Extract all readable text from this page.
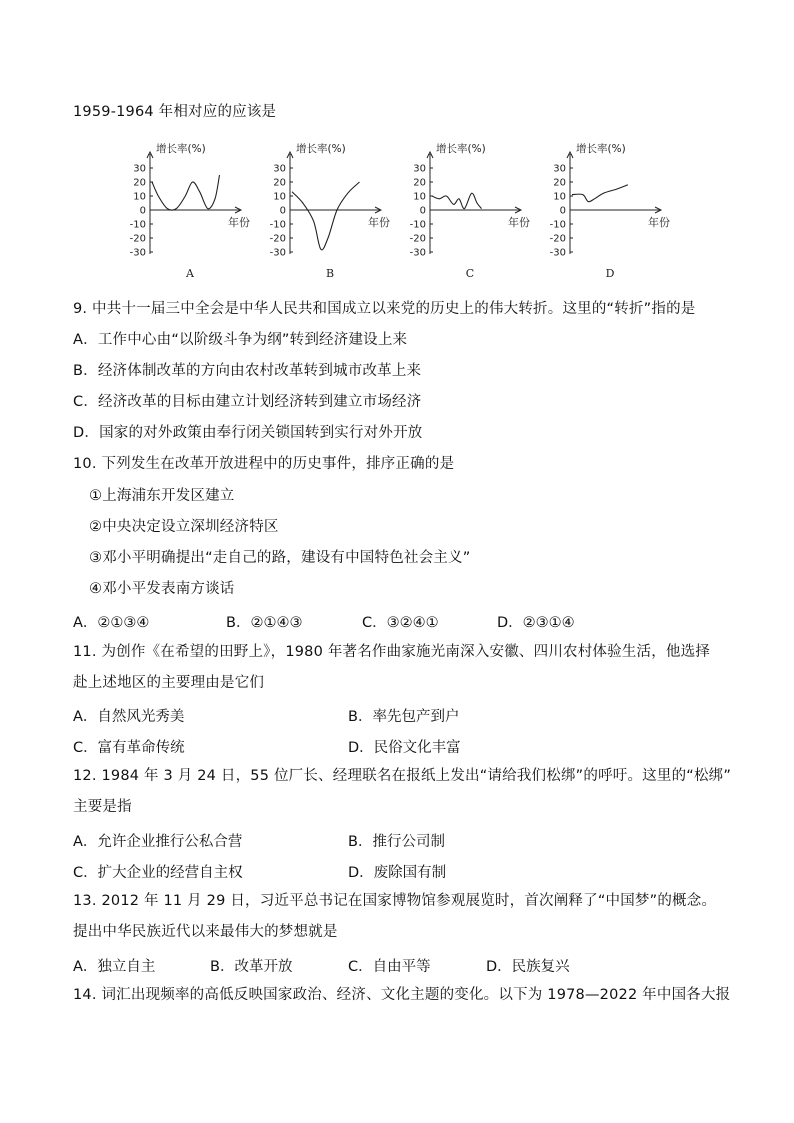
1959-1964 年相对应的应该是
增长率(%)
30
20
10
0
-10
-20
-30
年份
A
增长率(%)
30
20
10
0
-10
-20
-30
年份
B
增长率(%)
30
20
10
0
-10
-20
-30
年份
C
增长率(%)
30
20
10
0
-10
-20
-30
年份
D
9. 中共十一届三中全会是中华人民共和国成立以来党的历史上的伟大转折。这里的“转折”指的是
A．工作中心由“以阶级斗争为纲”转到经济建设上来
B．经济体制改革的方向由农村改革转到城市改革上来
C．经济改革的目标由建立计划经济转到建立市场经济
D．国家的对外政策由奉行闭关锁国转到实行对外开放
10. 下列发生在改革开放进程中的历史事件，排序正确的是
①上海浦东开发区建立
②中央决定设立深圳经济特区
③邓小平明确提出“走自己的路，建设有中国特色社会主义”
④邓小平发表南方谈话
A．②①③④	B．②①④③	C．③②④①	D．②③①④
11. 为创作《在希望的田野上》，1980 年著名作曲家施光南深入安徽、四川农村体验生活，他选择
赴上述地区的主要理由是它们
A．自然风光秀美	B．率先包产到户
C．富有革命传统	D．民俗文化丰富
12. 1984 年 3 月 24 日，55 位厂长、经理联名在报纸上发出“请给我们松绑”的呼吁。这里的“松绑”
主要是指
A．允许企业推行公私合营	B．推行公司制
C．扩大企业的经营自主权	D．废除国有制
13. 2012 年 11 月 29 日，习近平总书记在国家博物馆参观展览时，首次阐释了“中国梦”的概念。
提出中华民族近代以来最伟大的梦想就是
A．独立自主	B．改革开放	C．自由平等	D．民族复兴
14. 词汇出现频率的高低反映国家政治、经济、文化主题的变化。以下为 1978—2022 年中国各大报
